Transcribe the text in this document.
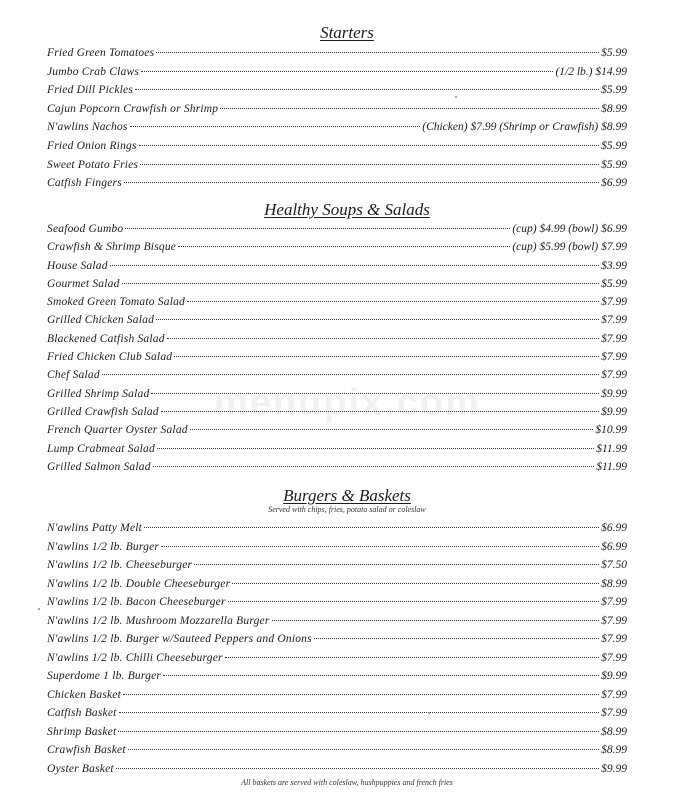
menupix.com
Starters
Fried Green Tomatoes	$5.99
Jumbo Crab Claws	(1/2 lb.) $14.99
Fried Dill Pickles	$5.99
Cajun Popcorn Crawfish or Shrimp	$8.99
N'awlins Nachos	(Chicken) $7.99 (Shrimp or Crawfish) $8.99
Fried Onion Rings	$5.99
Sweet Potato Fries	$5.99
Catfish Fingers	$6.99
Healthy Soups & Salads
Seafood Gumbo	(cup) $4.99 (bowl) $6.99
Crawfish & Shrimp Bisque	(cup) $5.99 (bowl) $7.99
House Salad	$3.99
Gourmet Salad	$5.99
Smoked Green Tomato Salad	$7.99
Grilled Chicken Salad	$7.99
Blackened Catfish Salad	$7.99
Fried Chicken Club Salad	$7.99
Chef Salad	$7.99
Grilled Shrimp Salad	$9.99
Grilled Crawfish Salad	$9.99
French Quarter Oyster Salad	$10.99
Lump Crabmeat Salad	$11.99
Grilled Salmon Salad	$11.99
Burgers & Baskets
Served with chips, fries, potato salad or coleslaw
N'awlins Patty Melt	$6.99
N'awlins 1/2 lb. Burger	$6.99
N'awlins 1/2 lb. Cheeseburger	$7.50
N'awlins 1/2 lb. Double Cheeseburger	$8.99
N'awlins 1/2 lb. Bacon Cheeseburger	$7.99
N'awlins 1/2 lb. Mushroom Mozzarella Burger	$7.99
N'awlins 1/2 lb. Burger w/Sauteed Peppers and Onions	$7.99
N'awlins 1/2 lb. Chilli Cheeseburger	$7.99
Superdome 1 lb. Burger	$9.99
Chicken Basket	$7.99
Catfish Basket	$7.99
Shrimp Basket	$8.99
Crawfish Basket	$8.99
Oyster Basket	$9.99
All baskets are served with coleslaw, hushpuppies and french fries
